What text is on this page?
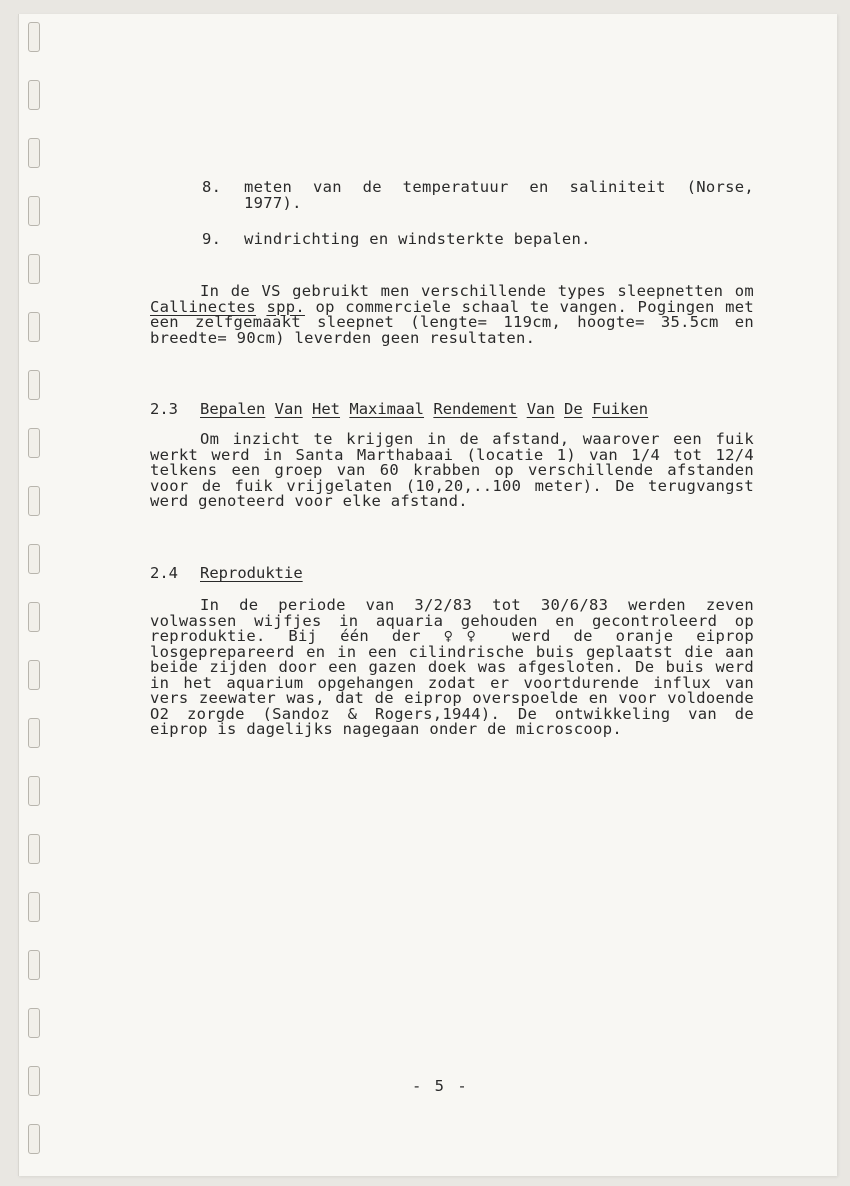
8. meten van de temperatuur en saliniteit (Norse, 1977).
9. windrichting en windsterkte bepalen.
In de VS gebruikt men verschillende types sleepnetten om Callinectes spp. op commerciele schaal te vangen. Pogingen met een zelfgemaakt sleepnet (lengte= 119cm, hoogte= 35.5cm en breedte= 90cm) leverden geen resultaten.
2.3 Bepalen Van Het Maximaal Rendement Van De Fuiken
Om inzicht te krijgen in de afstand, waarover een fuik werkt werd in Santa Marthabaai (locatie 1) van 1/4 tot 12/4 telkens een groep van 60 krabben op verschillende afstanden voor de fuik vrijgelaten (10,20,..100 meter). De terugvangst werd genoteerd voor elke afstand.
2.4 Reproduktie
In de periode van 3/2/83 tot 30/6/83 werden zeven volwassen wijfjes in aquaria gehouden en gecontroleerd op reproduktie. Bij één der ♀♀ werd de oranje eiprop losgeprepareerd en in een cilindrische buis geplaatst die aan beide zijden door een gazen doek was afgesloten. De buis werd in het aquarium opgehangen zodat er voortdurende influx van vers zeewater was, dat de eiprop overspoelde en voor voldoende O2 zorgde (Sandoz & Rogers,1944). De ontwikkeling van de eiprop is dagelijks nagegaan onder de microscoop.
- 5 -
